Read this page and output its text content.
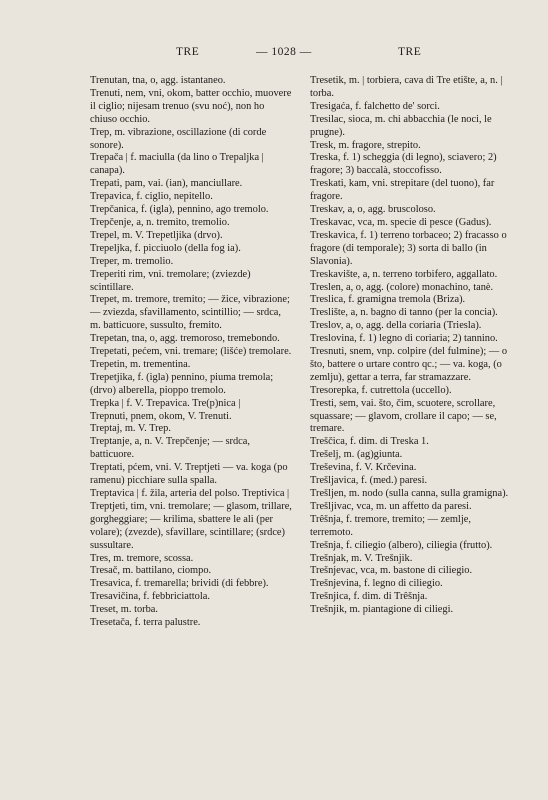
TRE	— 1028 —	TRE

Trenutan, tna, o, agg. istantaneo.

Trenuti, nem, vni, okom, batter occhio, muovere il ciglio; nijesam trenuo (svu noć), non ho chiuso occhio.

Trep, m. vibrazione, oscillazione (di corde sonore).

Trepača | f. maciulla (da lino o Trepaljka | canapa).

Trepati, pam, vai. (ian), manciullare.

Trepavica, f. ciglio, nepitello.

Trepčanica, f. (igla), pennino, ago tremolo.

Trepčenje, a, n. tremito, tremolio.

Trepel, m. V. Trepetljika (drvo).

Trepeljka, f. picciuolo (della fog ia).

Treper, m. tremolio.

Treperiti rim, vni. tremolare; (zviezde) scintillare.

Trepet, m. tremore, tremito; — žice, vibrazione; — zviezda, sfavillamento, scintillio; — srdca, m. batticuore, sussulto, fremito.

Trepetan, tna, o, agg. tremoroso, tremebondo.

Trepetati, pećem, vni. tremare; (lišće) tremolare.

Trepetin, m. trementina.

Trepetjika, f. (igla) pennino, piuma tremola; (drvo) alberella, pioppo tremolo.

Trepka | f. V. Trepavica. Tre(p)nica |

Trepnuti, pnem, okom, V. Trenuti.

Treptaj, m. V. Trep.

Treptanje, a, n. V. Trepčenje; — srdca, batticuore.

Treptati, pćem, vni. V. Treptjeti — va. koga (po ramenu) picchiare sulla spalla.

Treptavica | f. žila, arteria del polso. Treptivica |

Treptjeti, tim, vni. tremolare; — glasom, trillare, gorgheggiare; — krilima, sbattere le ali (per volare); (zvezde), sfavillare, scintillare; (srdce) sussultare.

Tres, m. tremore, scossa.

Tresač, m. battilano, ciompo.

Tresavica, f. tremarella; brividi (di febbre).

Tresavičina, f. febbriciattola.

Treset, m. torba.

Tresetača, f. terra palustre.

Tresetik, m. | torbiera, cava di Tre etište, a, n. | torba.

Tresigaća, f. falchetto de' sorci.

Tresilac, sioca, m. chi abbacchia (le noci, le prugne).

Tresk, m. fragore, strepito.

Treska, f. 1) scheggia (di legno), sciavero; 2) fragore; 3) baccalà, stoccofisso.

Treskati, kam, vni. strepitare (del tuono), far fragore.

Treskav, a, o, agg. bruscoloso.

Treskavac, vca, m. specie di pesce (Gadus).

Treskavica, f. 1) terreno torbaceo; 2) fracasso o fragore (di temporale); 3) sorta di ballo (in Slavonia).

Treskavište, a, n. terreno torbifero, aggallato.

Treslen, a, o, agg. (colore) monachino, tanè.

Treslica, f. gramigna tremola (Briza).

Treslište, a, n. bagno di tanno (per la concia).

Treslov, a, o, agg. della coriaria (Triesla).

Treslovina, f. 1) legno di coriaria; 2) tannino.

Tresnuti, snem, vnp. colpire (del fulmine); — o što, battere o urtare contro qc.; — va. koga, (o zemlju), gettar a terra, far stramazzare.

Tresorepka, f. cutrettola (uccello).

Tresti, sem, vai. što, čim, scuotere, scrollare, squassare; — glavom, crollare il capo; — se, tremare.

Treščica, f. dim. di Treska 1.

Trešelj, m. (ag)giunta.

Treševina, f. V. Krčevina.

Trešljavica, f. (med.) paresi.

Trešljen, m. nodo (sulla canna, sulla gramigna).

Trešljivac, vca, m. un affetto da paresi.

Trêšnja, f. tremore, tremito; — zemlje, terremoto.

Trešnja, f. ciliegio (albero), ciliegia (frutto).

Trešnjak, m. V. Trešnjik.

Trešnjevac, vca, m. bastone di ciliegio.

Trešnjevina, f. legno di ciliegio.

Trešnjica, f. dim. di Trêšnja.

Trešnjik, m. piantagione di ciliegi.
